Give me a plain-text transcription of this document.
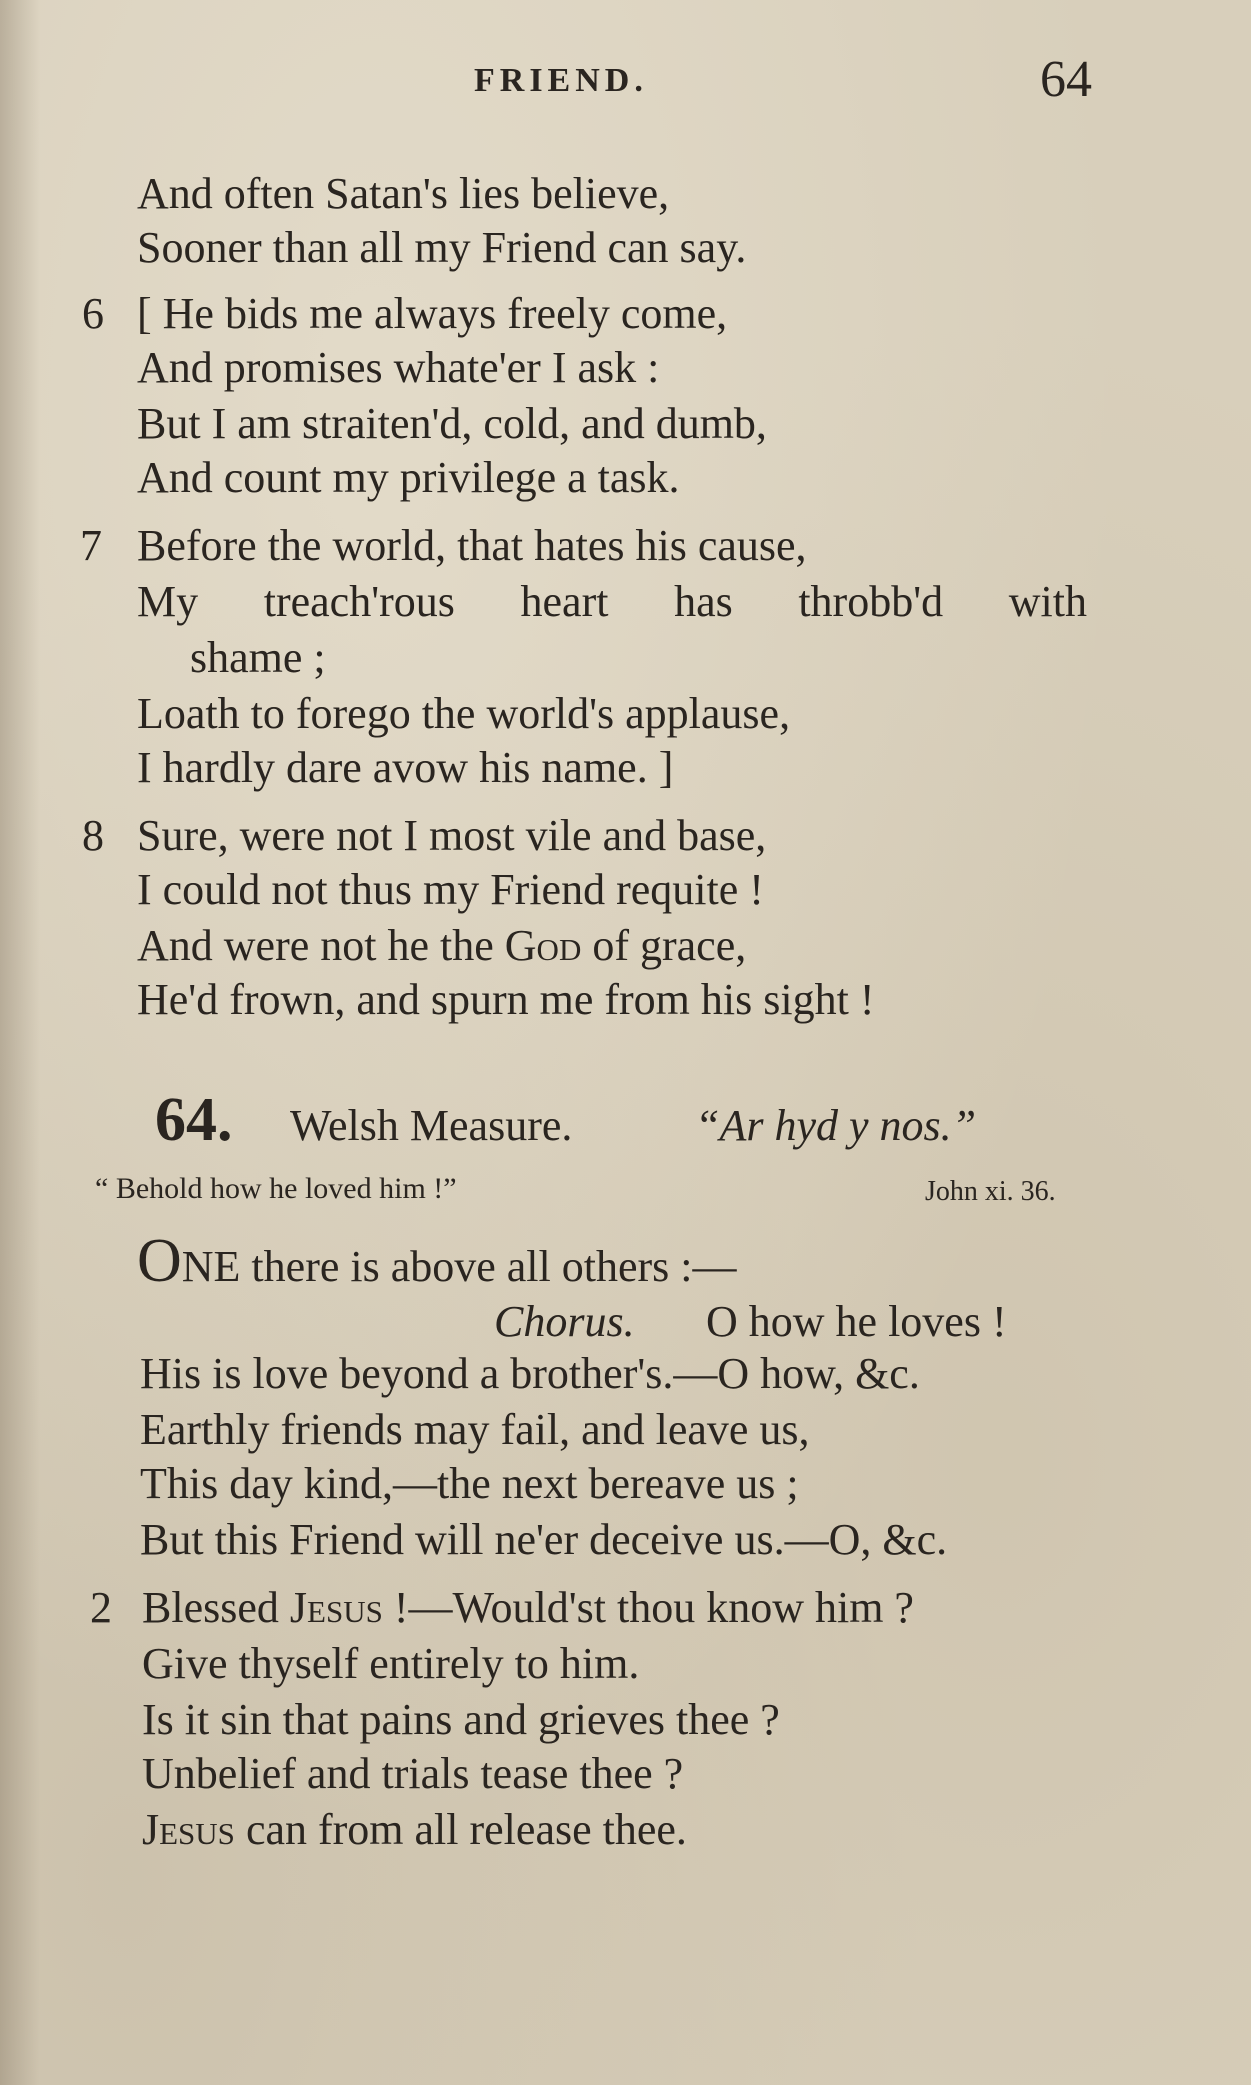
FRIEND.	64
And often Satan's lies believe,
Sooner than all my Friend can say.
6 [ He bids me always freely come,
And promises whate'er I ask :
But I am straiten'd, cold, and dumb,
And count my privilege a task.
7 Before the world, that hates his cause,
My treach'rous heart has throbb'd with
shame ;
Loath to forego the world's applause,
I hardly dare avow his name. ]
8 Sure, were not I most vile and base,
I could not thus my Friend requite !
And were not he the God of grace,
He'd frown, and spurn me from his sight !
64. Welsh Measure.	“Ar hyd y nos.”
“ Behold how he loved him !”	John xi. 36.
ONE there is above all others :—
Chorus. O how he loves !
His is love beyond a brother's.—O how, &c.
Earthly friends may fail, and leave us,
This day kind,—the next bereave us ;
But this Friend will ne'er deceive us.—O, &c.
2 Blessed Jesus !—Would'st thou know him ?
Give thyself entirely to him.
Is it sin that pains and grieves thee ?
Unbelief and trials tease thee ?
Jesus can from all release thee.
